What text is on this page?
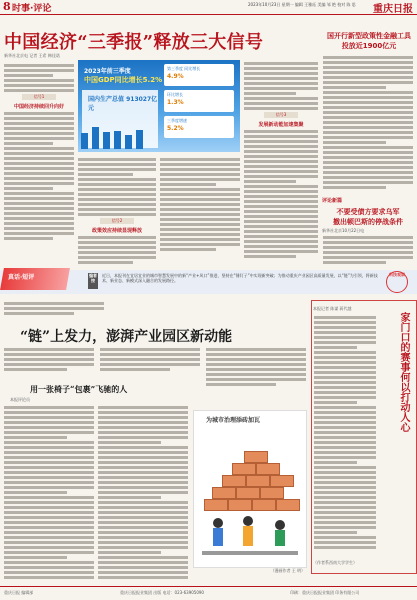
8 时事·评论	2023年10月23日 星期一 编辑 王雅珏 美编 邹 艳 校对 陈 思 重庆日报
中国经济“三季报”释放三大信号
新华社北京电 记者 王希 韩佳诺
信号1
中国经济持续回升向好
2023年前三季度
中国GDP同比增长5.2%
国内生产总值 913027亿元
第三季度 同比增长
4.9%
环比增长
1.3%
三季度增速
5.2%
信号2
政策效应持续显现释放
信号3
发展新动能加速集聚
国开行新型政策性金融工具
投放近1900亿元
评论新篇
不要受债方要求乌军
撤出顿巴斯的停战条件
新华社北京10月22日电
真话·短评	编者按
近日，本报刊在宜居宜业的城市智慧发展中的新“产业+风口”推进，坚持在“锤钉子”中实现新突破；为推动重庆产业园区高质量发展，以“链”为引领，将新技术、新业态、新模式深入融合的发展路径。
科技观察
“链”上发力，澎湃产业园区新动能
用一张椅子“包裹”飞驰的人
本报评论员
为城市治理添砖加瓦
（漫画作者 王 明）
本报记者 陈谋 蒋代越
家门口的赛事何以打动人心
（作者系西南大学学生）
重庆日报 编辑部	重庆日报报业集团 出版 电话：023-63905090	印刷：重庆日报报业集团 印务有限公司
